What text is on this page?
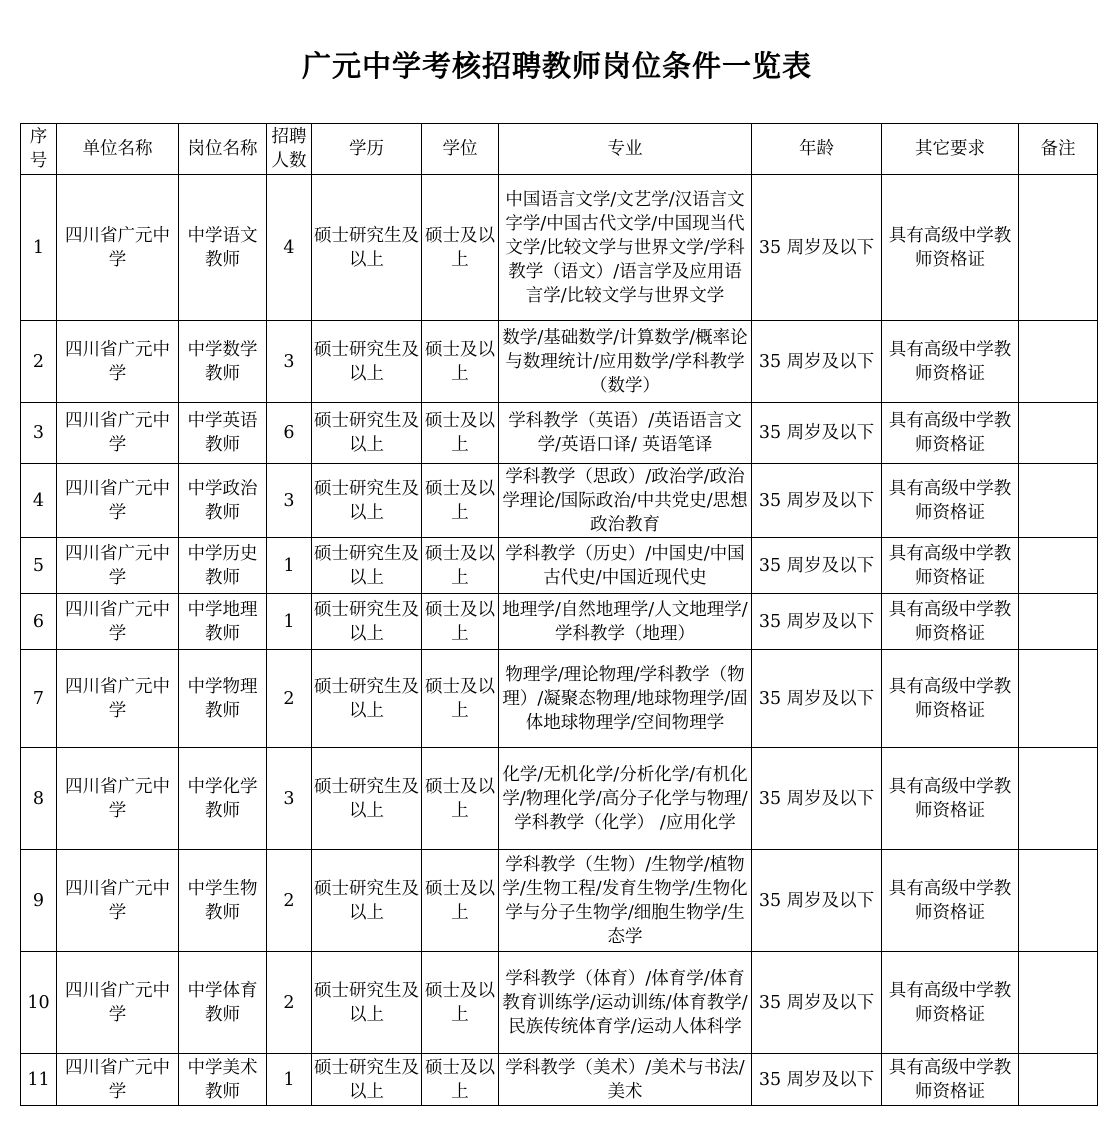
广元中学考核招聘教师岗位条件一览表
序号	单位名称	岗位名称	招聘人数	学历	学位	专业	年龄	其它要求	备注
1	四川省广元中学	中学语文教师	4	硕士研究生及以上	硕士及以上	中国语言文学/文艺学/汉语言文字学/中国古代文学/中国现当代文学/比较文学与世界文学/学科教学（语文）/语言学及应用语言学/比较文学与世界文学	35 周岁及以下	具有高级中学教师资格证	
2	四川省广元中学	中学数学教师	3	硕士研究生及以上	硕士及以上	数学/基础数学/计算数学/概率论与数理统计/应用数学/学科教学（数学）	35 周岁及以下	具有高级中学教师资格证	
3	四川省广元中学	中学英语教师	6	硕士研究生及以上	硕士及以上	学科教学（英语）/英语语言文学/英语口译/ 英语笔译	35 周岁及以下	具有高级中学教师资格证	
4	四川省广元中学	中学政治教师	3	硕士研究生及以上	硕士及以上	学科教学（思政）/政治学/政治学理论/国际政治/中共党史/思想政治教育	35 周岁及以下	具有高级中学教师资格证	
5	四川省广元中学	中学历史教师	1	硕士研究生及以上	硕士及以上	学科教学（历史）/中国史/中国古代史/中国近现代史	35 周岁及以下	具有高级中学教师资格证	
6	四川省广元中学	中学地理教师	1	硕士研究生及以上	硕士及以上	地理学/自然地理学/人文地理学/学科教学（地理）	35 周岁及以下	具有高级中学教师资格证	
7	四川省广元中学	中学物理教师	2	硕士研究生及以上	硕士及以上	物理学/理论物理/学科教学（物理）/凝聚态物理/地球物理学/固体地球物理学/空间物理学	35 周岁及以下	具有高级中学教师资格证	
8	四川省广元中学	中学化学教师	3	硕士研究生及以上	硕士及以上	化学/无机化学/分析化学/有机化学/物理化学/高分子化学与物理/学科教学（化学） /应用化学	35 周岁及以下	具有高级中学教师资格证	
9	四川省广元中学	中学生物教师	2	硕士研究生及以上	硕士及以上	学科教学（生物）/生物学/植物学/生物工程/发育生物学/生物化学与分子生物学/细胞生物学/生态学	35 周岁及以下	具有高级中学教师资格证	
10	四川省广元中学	中学体育教师	2	硕士研究生及以上	硕士及以上	学科教学（体育）/体育学/体育教育训练学/运动训练/体育教学/民族传统体育学/运动人体科学	35 周岁及以下	具有高级中学教师资格证	
11	四川省广元中学	中学美术教师	1	硕士研究生及以上	硕士及以上	学科教学（美术）/美术与书法/美术	35 周岁及以下	具有高级中学教师资格证	
